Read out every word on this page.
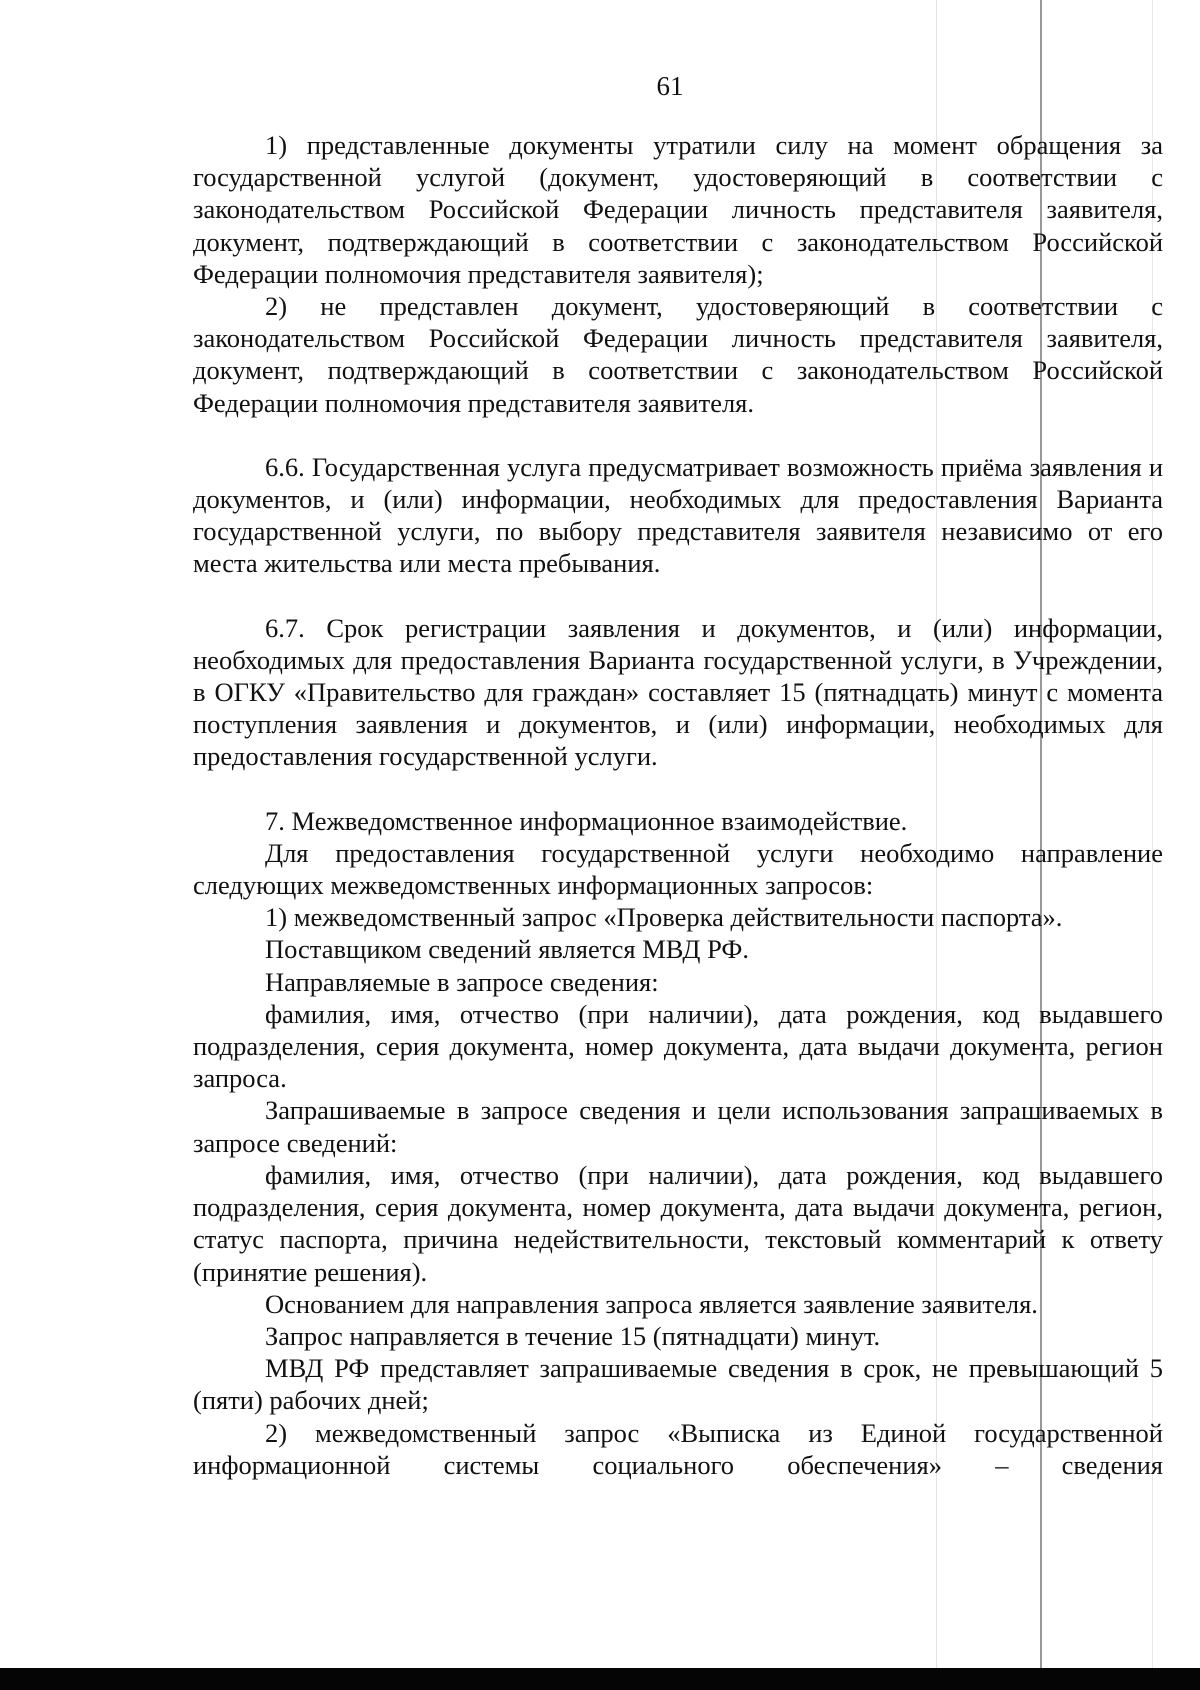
61

1) представленные документы утратили силу на момент обращения за государственной услугой (документ, удостоверяющий в соответствии с законодательством Российской Федерации личность представителя заявителя, документ, подтверждающий в соответствии с законодательством Российской Федерации полномочия представителя заявителя);

2) не представлен документ, удостоверяющий в соответствии с законодательством Российской Федерации личность представителя заявителя, документ, подтверждающий в соответствии с законодательством Российской Федерации полномочия представителя заявителя.

6.6. Государственная услуга предусматривает возможность приёма заявления и документов, и (или) информации, необходимых для предоставления Варианта государственной услуги, по выбору представителя заявителя независимо от его места жительства или места пребывания.

6.7. Срок регистрации заявления и документов, и (или) информации, необходимых для предоставления Варианта государственной услуги, в Учреждении, в ОГКУ «Правительство для граждан» составляет 15 (пятнадцать) минут с момента поступления заявления и документов, и (или) информации, необходимых для предоставления государственной услуги.

7. Межведомственное информационное взаимодействие.

Для предоставления государственной услуги необходимо направление следующих межведомственных информационных запросов:

1) межведомственный запрос «Проверка действительности паспорта».

Поставщиком сведений является МВД РФ.

Направляемые в запросе сведения:

фамилия, имя, отчество (при наличии), дата рождения, код выдавшего подразделения, серия документа, номер документа, дата выдачи документа, регион запроса.

Запрашиваемые в запросе сведения и цели использования запрашиваемых в запросе сведений:

фамилия, имя, отчество (при наличии), дата рождения, код выдавшего подразделения, серия документа, номер документа, дата выдачи документа, регион, статус паспорта, причина недействительности, текстовый комментарий к ответу (принятие решения).

Основанием для направления запроса является заявление заявителя.

Запрос направляется в течение 15 (пятнадцати) минут.

МВД РФ представляет запрашиваемые сведения в срок, не превышающий 5 (пяти) рабочих дней;

2) межведомственный запрос «Выписка из Единой государственной информационной системы социального обеспечения» – сведения
